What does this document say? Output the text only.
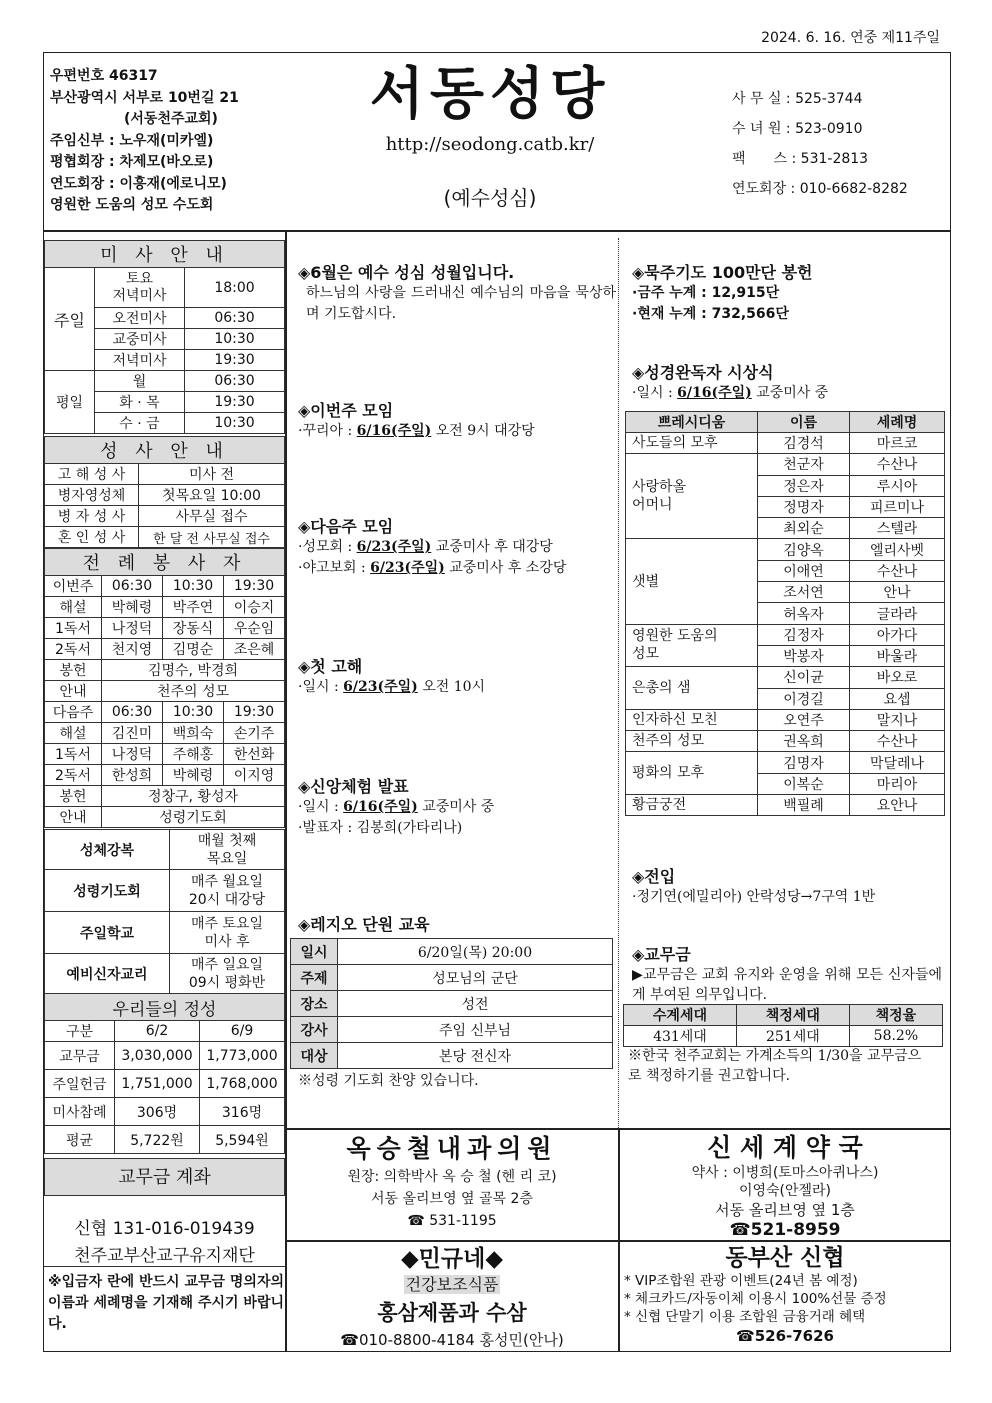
2024. 6. 16. 연중 제11주일
우편번호 46317
부산광역시 서부로 10번길 21
(서동천주교회)
주임신부 : 노우재(미카엘)
평협회장 : 차제모(바오로)
연도회장 : 이흥재(에로니모)
영원한 도움의 성모 수도회
서동성당
http://seodong.catb.kr/
(예수성심)
사 무 실 : 525-3744
수 녀 원 : 523-0910
팩　　스 : 531-2813
연도회장 : 010-6682-8282
미 사 안 내		
주일	토요
저녁미사	18:00
	오전미사	06:30
	교중미사	10:30
	저녁미사	19:30
평일	월	06:30
	화 · 목	19:30
	수 · 금	10:30
성 사 안 내	
고 해 성 사	미사 전
병자영성체	첫목요일 10:00
병 자 성 사	사무실 접수
혼 인 성 사	한 달 전 사무실 접수
전 례 봉 사 자			
이번주	06:30	10:30	19:30
해설	박혜령	박주연	이승지
1독서	나정덕	장동식	우순임
2독서	천지영	김명순	조은혜
봉헌	김명수, 박경희		
안내	천주의 성모		
다음주	06:30	10:30	19:30
해설	김진미	백희숙	손기주
1독서	나정덕	주해홍	한선화
2독서	한성희	박혜령	이지영
봉헌	정창구, 황성자		
안내	성령기도회		
성체강복	매월 첫째
목요일
성령기도회	매주 월요일
20시 대강당
주일학교	매주 토요일
미사 후
예비신자교리	매주 일요일
09시 평화반
우리들의 정성		
구분	6/2	6/9
교무금	3,030,000	1,773,000
주일헌금	1,751,000	1,768,000
미사참례	306명	316명
평균	5,722원	5,594원
교무금 계좌
신협 131-016-019439
천주교부산교구유지재단
※입금자 란에 반드시 교무금 명의자의 이름과 세례명을 기재해 주시기 바랍니다.
◈6월은 예수 성심 성월입니다.

하느님의 사랑을 드러내신 예수님의 마음을 묵상하며 기도합시다.

◈이번주 모임

·꾸리아 : 6/16(주일) 오전 9시 대강당

◈다음주 모임

·성모회 : 6/23(주일) 교중미사 후 대강당

·야고보회 : 6/23(주일) 교중미사 후 소강당

◈첫 고해

·일시 : 6/23(주일) 오전 10시

◈신앙체험 발표

·일시 : 6/16(주일) 교중미사 중

·발표자 : 김봉희(가타리나)

◈레지오 단원 교육
일시	6/20일(목) 20:00
주제	성모님의 군단
장소	성전
강사	주임 신부님
대상	본당 전신자
※성령 기도회 찬양 있습니다.
◈묵주기도 100만단 봉헌

·금주 누계 : 12,915단

·현재 누계 : 732,566단

◈성경완독자 시상식

·일시 : 6/16(주일) 교중미사 중

쁘레시디움	이름	세례명
사도들의 모후	김경석	마르코
사랑하올
어머니	천군자	수산나
	정은자	루시아
	정명자	피르미나
	최외순	스텔라
샛별	김양옥	엘리사벳
	이애연	수산나
	조서연	안나
	허옥자	글라라
영원한 도움의
성모	김정자	아가다
	박봉자	바울라
은총의 샘	신이균	바오로
	이경길	요셉
인자하신 모친	오연주	말지나
천주의 성모	권옥희	수산나
평화의 모후	김명자	막달레나
	이복순	마리아
황금궁전	백필례	요안나
◈전입

·정기연(에밀리아) 안락성당→7구역 1반

◈교무금

▶교무금은 교회 유지와 운영을 위해 모든 신자들에게 부여된 의무입니다.

수계세대	책정세대	책정율
431세대	251세대	58.2%
※한국 천주교회는 가계소득의 1/30을 교무금으로 책정하기를 권고합니다.
옥승철내과의원
원장: 의학박사 옥 승 철 (헨 리 코)
서동 올리브영 옆 골목 2층
☎ 531-1195
신 세 계 약 국
약사 : 이병희(토마스아퀴나스)
이영숙(안젤라)
서동 올리브영 옆 1층
☎521-8959
◆민규네◆
건강보조식품
홍삼제품과 수삼
☎010-8800-4184 홍성민(안나)
동부산 신협
* VIP조합원 관광 이벤트(24년 봄 예정)
* 체크카드/자동이체 이용시 100%선물 증정
* 신협 단말기 이용 조합원 금융거래 혜택
☎526-7626
